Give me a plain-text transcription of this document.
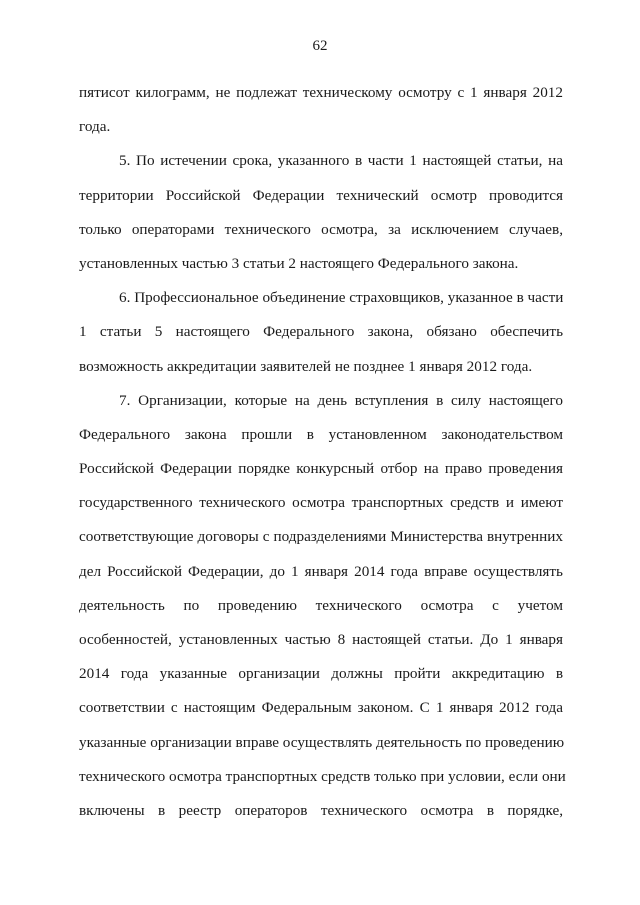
62
пятисот килограмм, не подлежат техническому осмотру с 1 января 2012
года.
5. По истечении срока, указанного в части 1 настоящей статьи, на
территории Российской Федерации технический осмотр проводится
только операторами технического осмотра, за исключением случаев,
установленных частью 3 статьи 2 настоящего Федерального закона.
6. Профессиональное объединение страховщиков, указанное в части
1 статьи 5 настоящего Федерального закона, обязано обеспечить
возможность аккредитации заявителей не позднее 1 января 2012 года.
7. Организации, которые на день вступления в силу настоящего
Федерального закона прошли в установленном законодательством
Российской Федерации порядке конкурсный отбор на право проведения
государственного технического осмотра транспортных средств и имеют
соответствующие договоры с подразделениями Министерства внутренних
дел Российской Федерации, до 1 января 2014 года вправе осуществлять
деятельность по проведению технического осмотра с учетом
особенностей, установленных частью 8 настоящей статьи. До 1 января
2014 года указанные организации должны пройти аккредитацию в
соответствии с настоящим Федеральным законом. С 1 января 2012 года
указанные организации вправе осуществлять деятельность по проведению
технического осмотра транспортных средств только при условии, если они
включены в реестр операторов технического осмотра в порядке,
